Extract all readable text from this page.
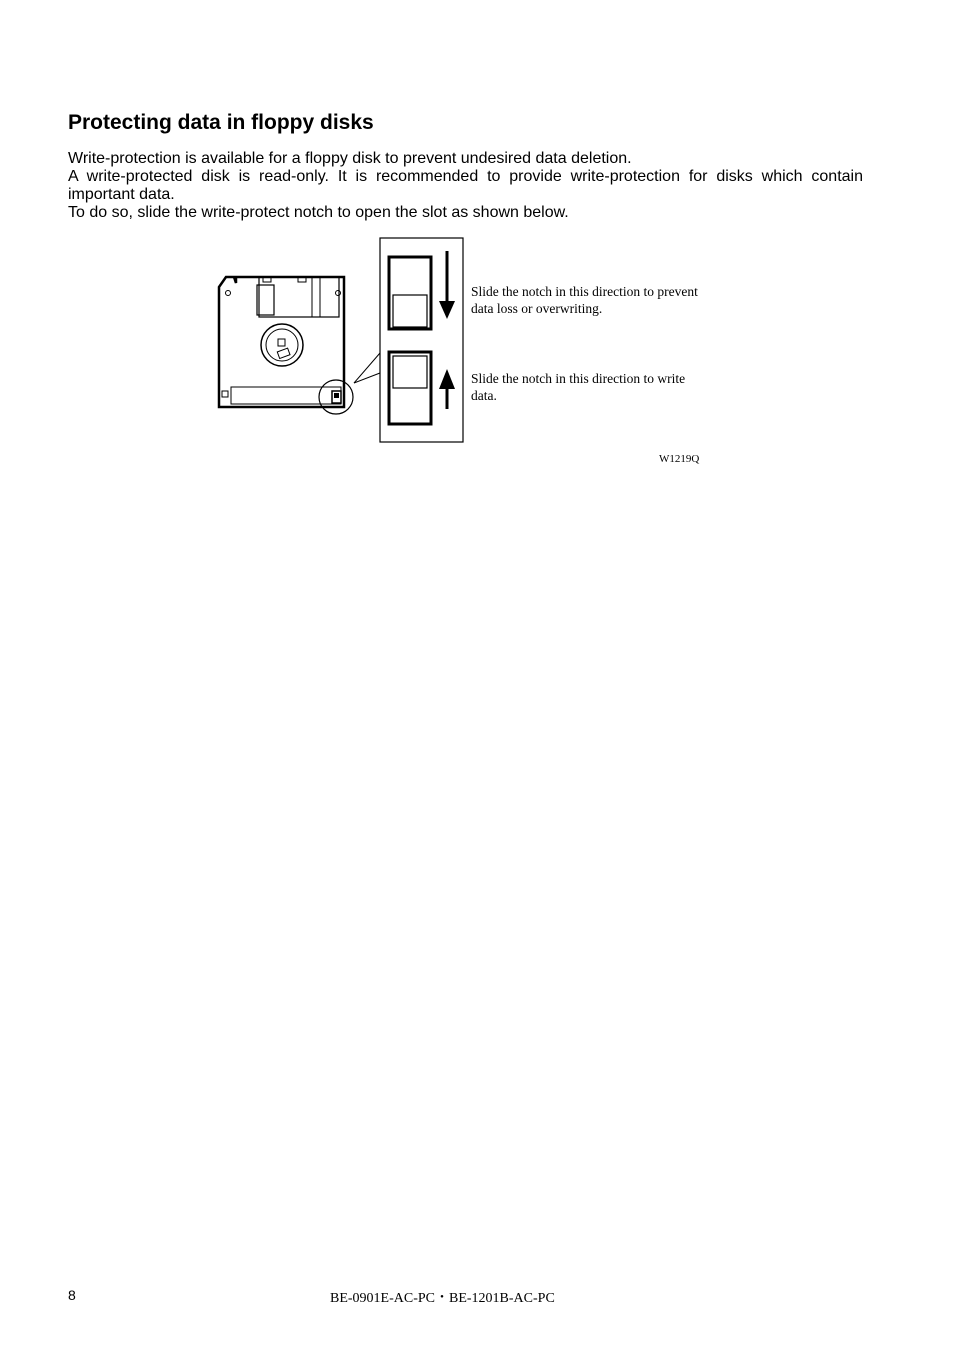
Protecting data in floppy disks

Write-protection is available for a floppy disk to prevent undesired data deletion.

A write-protected disk is read-only. It is recommended to provide write-protection for disks which contain important data.

To do so, slide the write-protect notch to open the slot as shown below.

Slide the notch in this direction to prevent data loss or overwriting.
Slide the notch in this direction to write data.
W1219Q
8	BE-0901E-AC-PC・BE-1201B-AC-PC
